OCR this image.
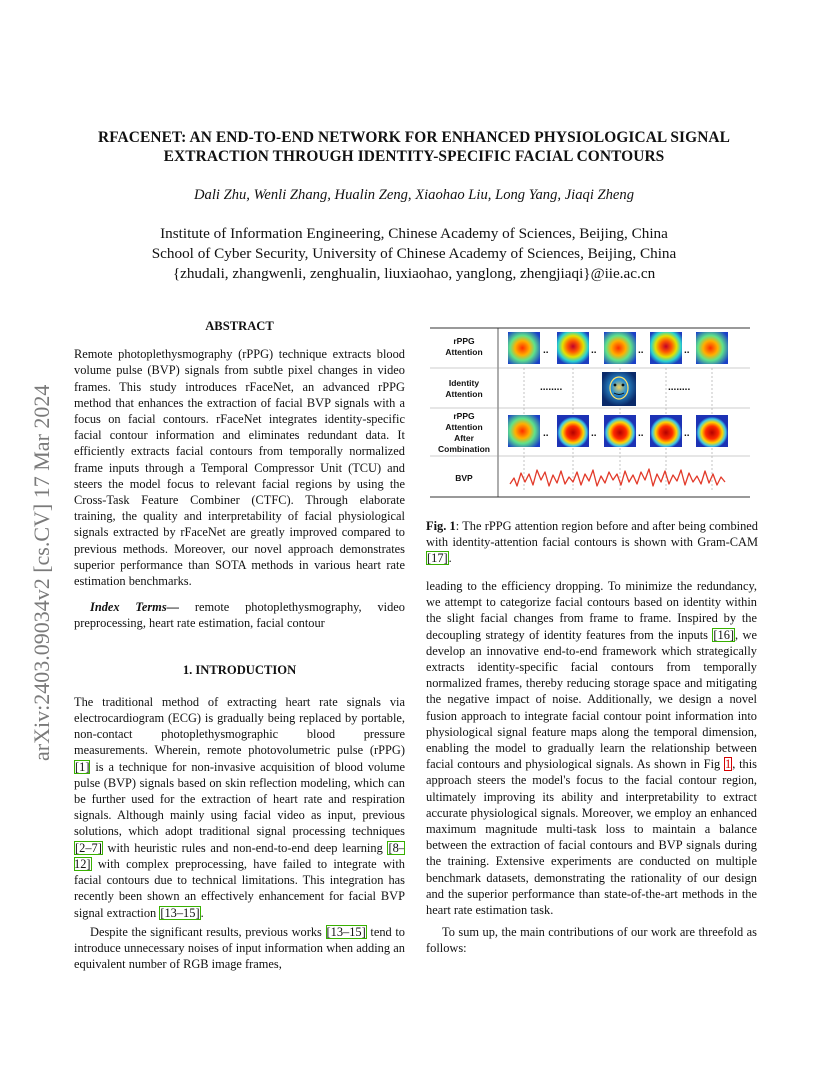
arXiv:2403.09034v2 [cs.CV] 17 Mar 2024
RFACENET: AN END-TO-END NETWORK FOR ENHANCED PHYSIOLOGICAL SIGNAL
EXTRACTION THROUGH IDENTITY-SPECIFIC FACIAL CONTOURS
Dali Zhu, Wenli Zhang, Hualin Zeng, Xiaohao Liu, Long Yang, Jiaqi Zheng
Institute of Information Engineering, Chinese Academy of Sciences, Beijing, China
School of Cyber Security, University of Chinese Academy of Sciences, Beijing, China
{zhudali, zhangwenli, zenghualin, liuxiaohao, yanglong, zhengjiaqi}@iie.ac.cn

ABSTRACT

Remote photoplethysmography (rPPG) technique extracts blood volume pulse (BVP) signals from subtle pixel changes in video frames. This study introduces rFaceNet, an advanced rPPG method that enhances the extraction of facial BVP signals with a focus on facial contours. rFaceNet integrates identity-specific facial contour information and eliminates redundant data. It efficiently extracts facial contours from temporally normalized frame inputs through a Temporal Compressor Unit (TCU) and steers the model focus to relevant facial regions by using the Cross-Task Feature Combiner (CTFC). Through elaborate training, the quality and interpretability of facial physiological signals extracted by rFaceNet are greatly improved compared to previous methods. Moreover, our novel approach demonstrates superior performance than SOTA methods in various heart rate estimation benchmarks.

Index Terms— remote photoplethysmography, video preprocessing, heart rate estimation, facial contour

1. INTRODUCTION

The traditional method of extracting heart rate signals via electrocardiogram (ECG) is gradually being replaced by portable, non-contact photoplethysmographic blood pressure measurements. Wherein, remote photovolumetric pulse (rPPG) [1] is a technique for non-invasive acquisition of blood volume pulse (BVP) signals based on skin reflection modeling, which can be further used for the extraction of heart rate and respiration signals. Although mainly using facial video as input, previous solutions, which adopt traditional signal processing techniques [2–7] with heuristic rules and non-end-to-end deep learning [8–12] with complex preprocessing, have failed to integrate with facial contours due to technical limitations. This integration has recently been shown an effectively enhancement for facial BVP signal extraction [13–15].

Despite the significant results, previous works [13–15] tend to introduce unnecessary noises of input information when adding an equivalent number of RGB image frames,

rPPG
Attention
Identity
Attention
rPPG
Attention
After
Combination
BVP
..	..	..	..
........	........
..	..	..	..
Fig. 1: The rPPG attention region before and after being combined with identity-attention facial contours is shown with Gram-CAM [17].

leading to the efficiency dropping. To minimize the redundancy, we attempt to categorize facial contours based on identity within the slight facial changes from frame to frame. Inspired by the decoupling strategy of identity features from the inputs [16], we develop an innovative end-to-end framework which strategically extracts identity-specific facial contours from temporally normalized frames, thereby reducing storage space and mitigating the negative impact of noise. Additionally, we design a novel fusion approach to integrate facial contour point information into physiological signal feature maps along the temporal dimension, enabling the model to gradually learn the relationship between facial contours and physiological signals. As shown in Fig 1, this approach steers the model's focus to the facial contour region, ultimately improving its ability and interpretability to extract accurate physiological signals. Moreover, we employ an enhanced maximum magnitude multi-task loss to maintain a balance between the extraction of facial contours and BVP signals during the training. Extensive experiments are conducted on multiple benchmark datasets, demonstrating the rationality of our design and the superior performance than state-of-the-art methods in the heart rate estimation task.

To sum up, the main contributions of our work are threefold as follows:
